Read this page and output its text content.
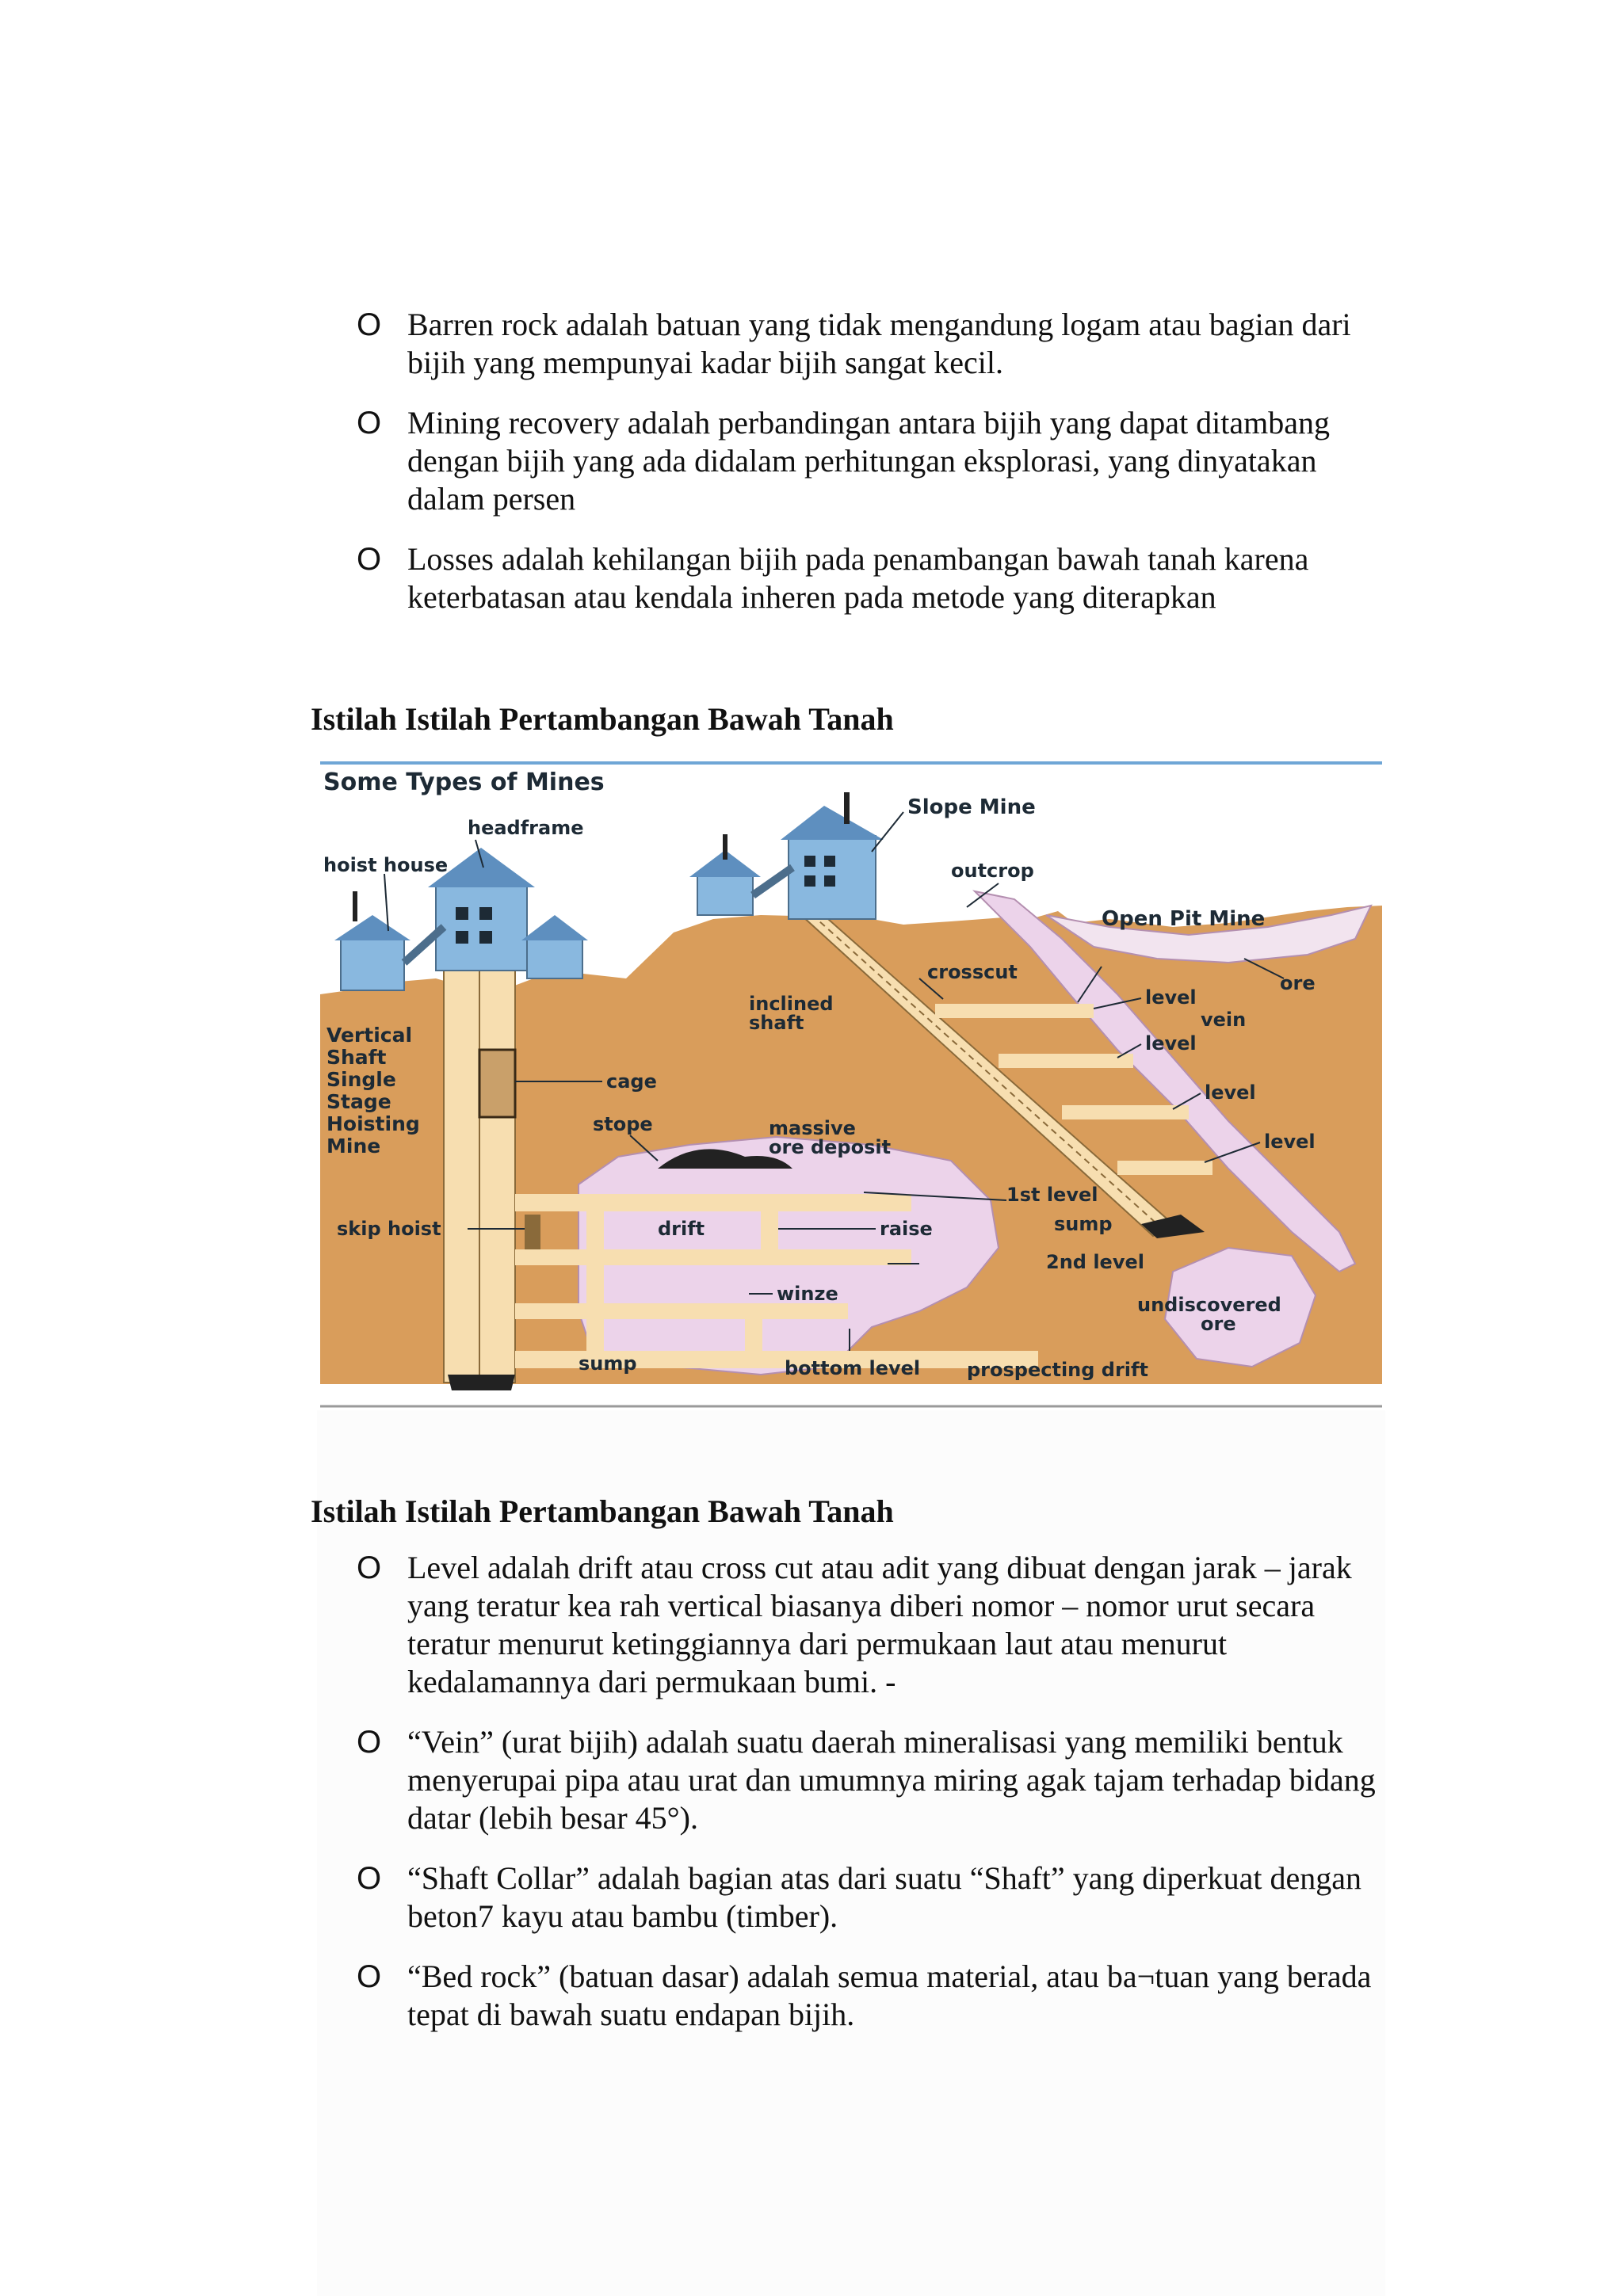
O Barren rock adalah batuan yang tidak mengandung logam atau bagian dari bijih yang mempunyai kadar bijih sangat kecil.
O Mining recovery adalah perbandingan antara bijih yang dapat ditambang dengan bijih yang ada didalam perhitungan eksplorasi, yang dinyatakan dalam persen
O Losses adalah kehilangan bijih pada penambangan bawah tanah karena keterbatasan atau kendala inheren pada metode yang diterapkan
Istilah Istilah Pertambangan Bawah Tanah
Some Types of Mines
headframe
hoist house
Slope Mine
outcrop
Open Pit Mine
ore
crosscut
inclined
shaft
level
vein
level
level
level
Vertical
Shaft
Single
Stage
Hoisting
Mine
cage
stope	massive
ore deposit
1st level
drift	raise	sump
skip hoist
2nd level
undiscovered
ore
winze
sump	bottom level prospecting drift
Istilah Istilah Pertambangan Bawah Tanah
O Level adalah drift atau cross cut atau adit yang dibuat dengan jarak – jarak yang teratur kea rah vertical biasanya diberi nomor – nomor urut secara teratur menurut ketinggiannya dari permukaan laut atau menurut kedalamannya dari permukaan bumi. -
O “Vein” (urat bijih) adalah suatu daerah mineralisasi yang memiliki bentuk menyerupai pipa atau urat dan umumnya miring agak tajam terhadap bidang datar (lebih besar 45°).
O “Shaft Collar” adalah bagian atas dari suatu “Shaft” yang diperkuat dengan beton7 kayu atau bambu (timber).
O “Bed rock” (batuan dasar) adalah semua material, atau ba¬tuan yang berada tepat di bawah suatu endapan bijih.
